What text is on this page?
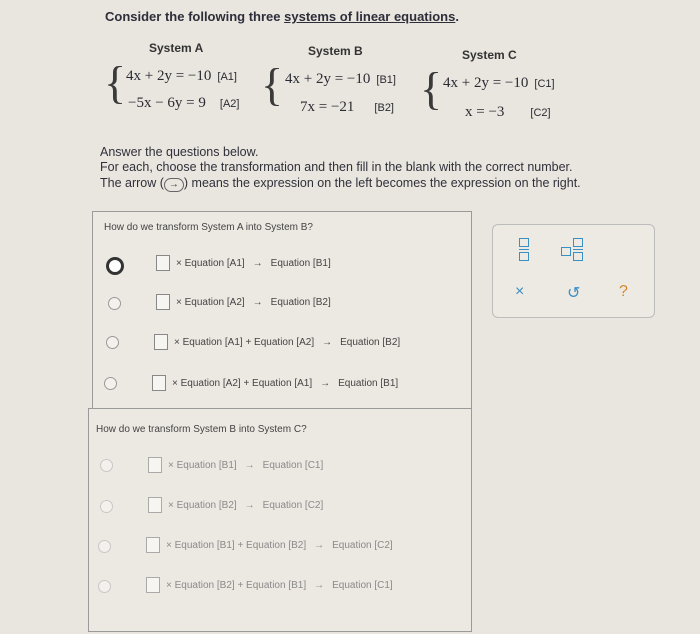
Consider the following three systems of linear equations.
System A	System B	System C
{	{	{
4x + 2y = −10 [A1]
−5x − 6y = 9 [A2]
4x + 2y = −10 [B1]
7x = −21 [B2]
4x + 2y = −10 [C1]
x = −3 [C2]
Answer the questions below.
For each, choose the transformation and then fill in the blank with the correct number.
The arrow ( → ) means the expression on the left becomes the expression on the right.
How do we transform System A into System B?
× Equation [A1] → Equation [B1]
× Equation [A2] → Equation [B2]
× Equation [A1] + Equation [A2] → Equation [B2]
× Equation [A2] + Equation [A1] → Equation [B1]
How do we transform System B into System C?
× Equation [B1] → Equation [C1]
× Equation [B2] → Equation [C2]
× Equation [B1] + Equation [B2] → Equation [C2]
× Equation [B2] + Equation [B1] → Equation [C1]
×	↺ ?
